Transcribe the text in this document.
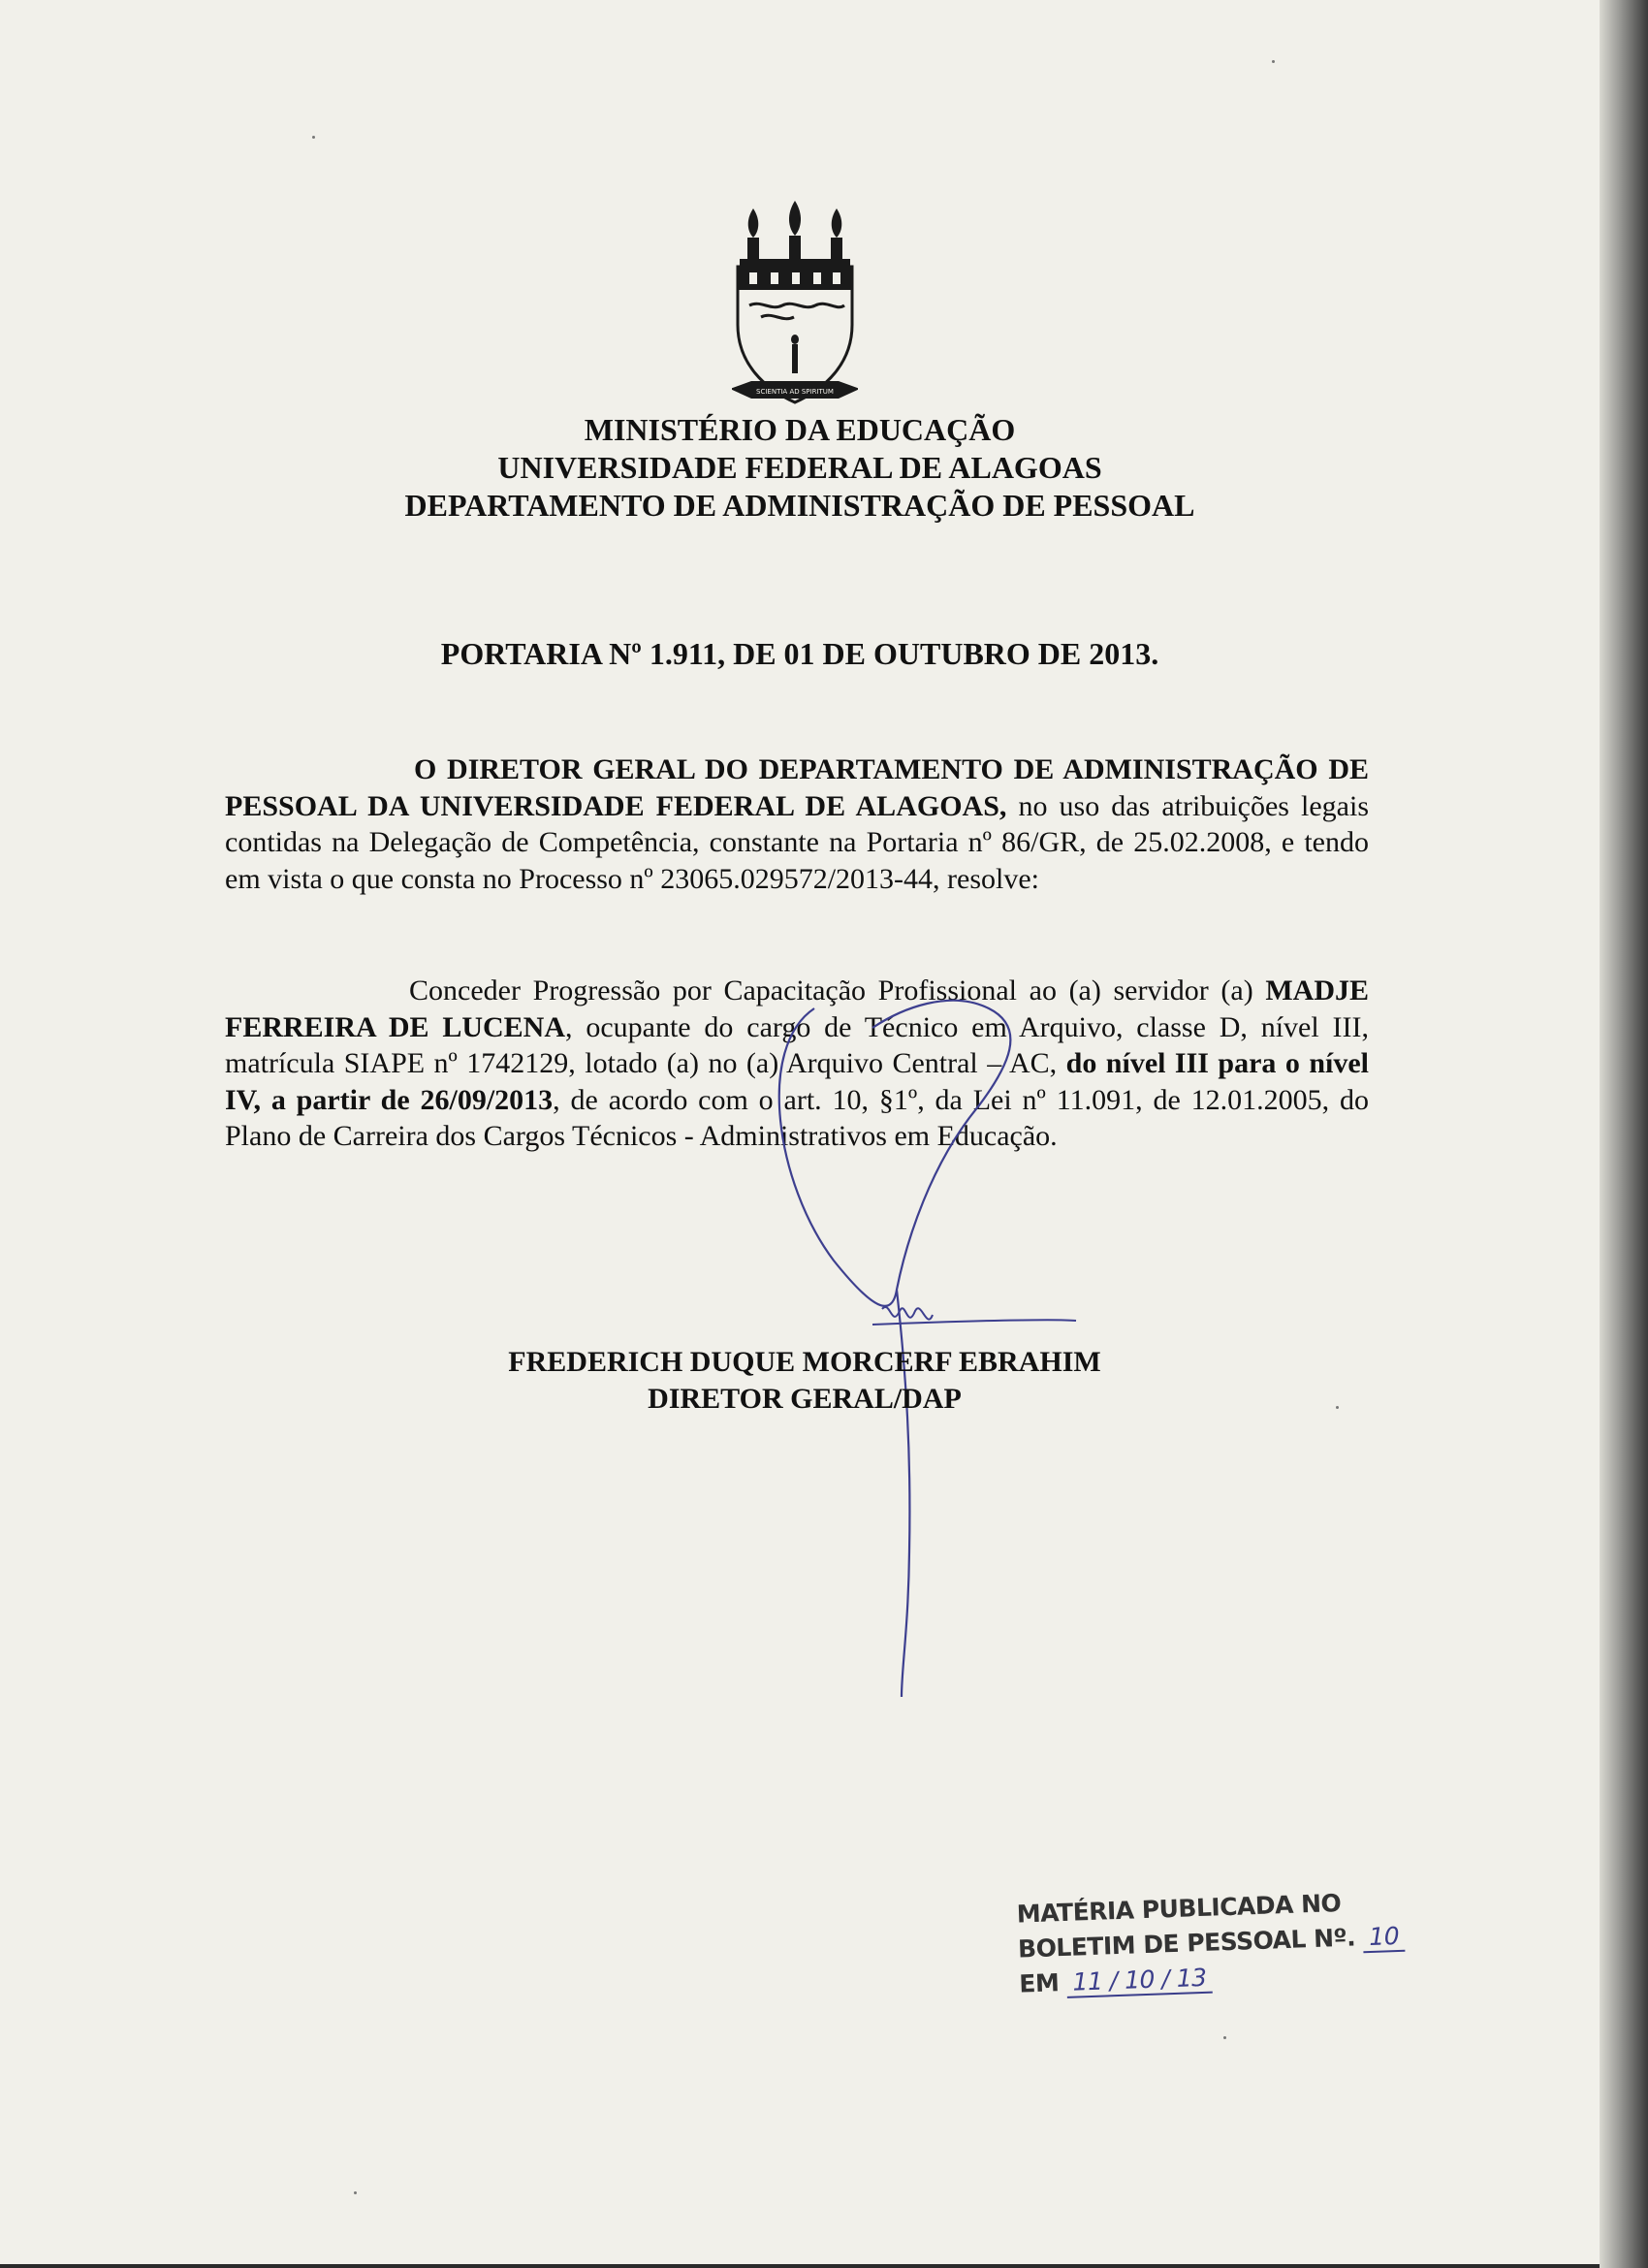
SCIENTIA AD SPIRITUM
MINISTÉRIO DA EDUCAÇÃO
UNIVERSIDADE FEDERAL DE ALAGOAS
DEPARTAMENTO DE ADMINISTRAÇÃO DE PESSOAL
PORTARIA Nº 1.911, DE 01 DE OUTUBRO DE 2013.
O DIRETOR GERAL DO DEPARTAMENTO DE ADMINISTRAÇÃO DE PESSOAL DA UNIVERSIDADE FEDERAL DE ALAGOAS, no uso das atribuições legais contidas na Delegação de Competência, constante na Portaria nº 86/GR, de 25.02.2008, e tendo em vista o que consta no Processo nº 23065.029572/2013-44, resolve:
Conceder Progressão por Capacitação Profissional ao (a) servidor (a) MADJE FERREIRA DE LUCENA, ocupante do cargo de Técnico em Arquivo, classe D, nível III, matrícula SIAPE nº 1742129, lotado (a) no (a) Arquivo Central – AC, do nível III para o nível IV, a partir de 26/09/2013, de acordo com o art. 10, §1º, da Lei nº 11.091, de 12.01.2005, do Plano de Carreira dos Cargos Técnicos - Administrativos em Educação.
FREDERICH DUQUE MORCERF EBRAHIM
DIRETOR GERAL/DAP
MATÉRIA PUBLICADA NO
BOLETIM DE PESSOAL Nº. 10
EM 11 / 10 / 13
